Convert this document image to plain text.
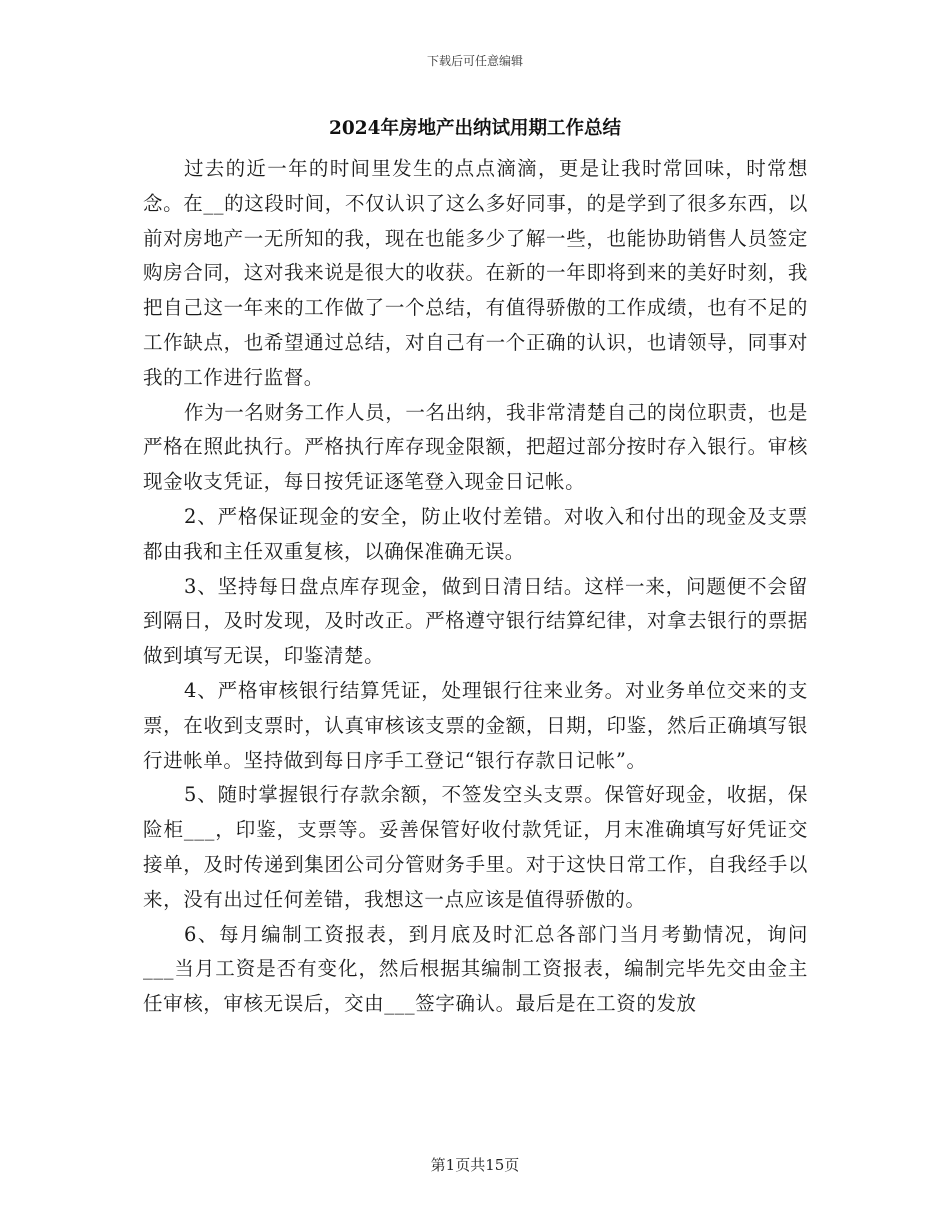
下载后可任意编辑
2024年房地产出纳试用期工作总结

过去的近一年的时间里发生的点点滴滴，更是让我时常回味，时常想念。在__的这段时间，不仅认识了这么多好同事，的是学到了很多东西，以前对房地产一无所知的我，现在也能多少了解一些，也能协助销售人员签定购房合同，这对我来说是很大的收获。在新的一年即将到来的美好时刻，我把自己这一年来的工作做了一个总结，有值得骄傲的工作成绩，也有不足的工作缺点，也希望通过总结，对自己有一个正确的认识，也请领导，同事对我的工作进行监督。

作为一名财务工作人员，一名出纳，我非常清楚自己的岗位职责，也是严格在照此执行。严格执行库存现金限额，把超过部分按时存入银行。审核现金收支凭证，每日按凭证逐笔登入现金日记帐。

2、严格保证现金的安全，防止收付差错。对收入和付出的现金及支票都由我和主任双重复核，以确保准确无误。

3、坚持每日盘点库存现金，做到日清日结。这样一来，问题便不会留到隔日，及时发现，及时改正。严格遵守银行结算纪律，对拿去银行的票据做到填写无误，印鉴清楚。

4、严格审核银行结算凭证，处理银行往来业务。对业务单位交来的支票，在收到支票时，认真审核该支票的金额，日期，印鉴，然后正确填写银行进帐单。坚持做到每日序手工登记“银行存款日记帐”。

5、随时掌握银行存款余额，不签发空头支票。保管好现金，收据，保险柜___，印鉴，支票等。妥善保管好收付款凭证，月末准确填写好凭证交接单，及时传递到集团公司分管财务手里。对于这快日常工作，自我经手以来，没有出过任何差错，我想这一点应该是值得骄傲的。

6、每月编制工资报表，到月底及时汇总各部门当月考勤情况，询问___当月工资是否有变化，然后根据其编制工资报表，编制完毕先交由金主任审核，审核无误后，交由___签字确认。最后是在工资的发放

第1页共15页
